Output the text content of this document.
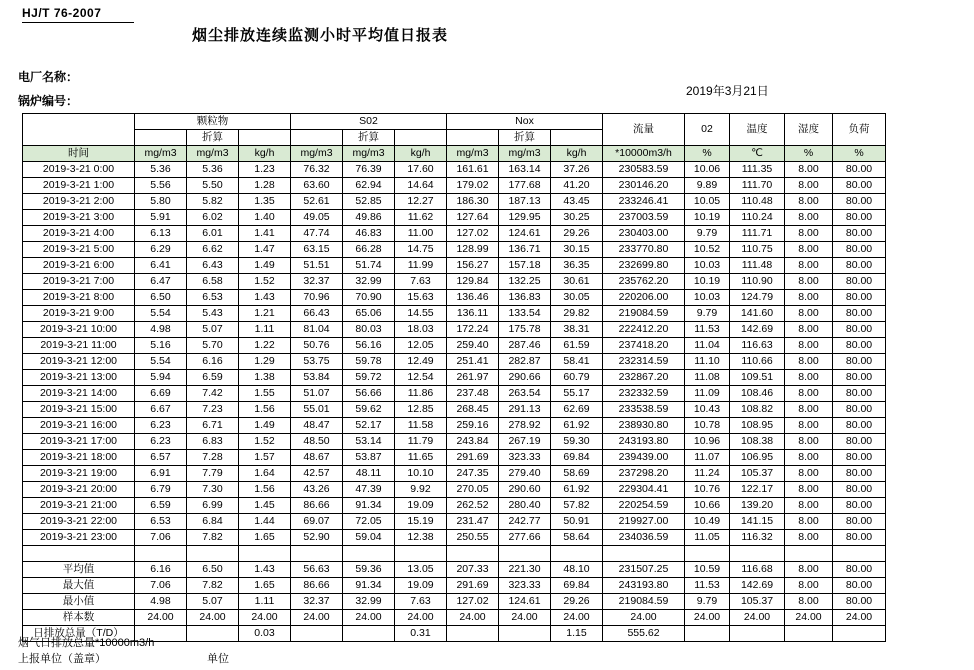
HJ/T 76-2007
烟尘排放连续监测小时平均值日报表
电厂名称：
锅炉编号：
2019年3月21日
	颗粒物			S02			Nox			流量	02	温度	湿度	负荷
		折算			折算			折算						
时间	mg/m3	mg/m3	kg/h	mg/m3	mg/m3	kg/h	mg/m3	mg/m3	kg/h	*10000m3/h	%	℃	%	%
2019-3-21 0:00	5.36	5.36	1.23	76.32	76.39	17.60	161.61	163.14	37.26	230583.59	10.06	111.35	8.00	80.00
2019-3-21 1:00	5.56	5.50	1.28	63.60	62.94	14.64	179.02	177.68	41.20	230146.20	9.89	111.70	8.00	80.00
2019-3-21 2:00	5.80	5.82	1.35	52.61	52.85	12.27	186.30	187.13	43.45	233246.41	10.05	110.48	8.00	80.00
2019-3-21 3:00	5.91	6.02	1.40	49.05	49.86	11.62	127.64	129.95	30.25	237003.59	10.19	110.24	8.00	80.00
2019-3-21 4:00	6.13	6.01	1.41	47.74	46.83	11.00	127.02	124.61	29.26	230403.00	9.79	111.71	8.00	80.00
2019-3-21 5:00	6.29	6.62	1.47	63.15	66.28	14.75	128.99	136.71	30.15	233770.80	10.52	110.75	8.00	80.00
2019-3-21 6:00	6.41	6.43	1.49	51.51	51.74	11.99	156.27	157.18	36.35	232699.80	10.03	111.48	8.00	80.00
2019-3-21 7:00	6.47	6.58	1.52	32.37	32.99	7.63	129.84	132.25	30.61	235762.20	10.19	110.90	8.00	80.00
2019-3-21 8:00	6.50	6.53	1.43	70.96	70.90	15.63	136.46	136.83	30.05	220206.00	10.03	124.79	8.00	80.00
2019-3-21 9:00	5.54	5.43	1.21	66.43	65.06	14.55	136.11	133.54	29.82	219084.59	9.79	141.60	8.00	80.00
2019-3-21 10:00	4.98	5.07	1.11	81.04	80.03	18.03	172.24	175.78	38.31	222412.20	11.53	142.69	8.00	80.00
2019-3-21 11:00	5.16	5.70	1.22	50.76	56.16	12.05	259.40	287.46	61.59	237418.20	11.04	116.63	8.00	80.00
2019-3-21 12:00	5.54	6.16	1.29	53.75	59.78	12.49	251.41	282.87	58.41	232314.59	11.10	110.66	8.00	80.00
2019-3-21 13:00	5.94	6.59	1.38	53.84	59.72	12.54	261.97	290.66	60.79	232867.20	11.08	109.51	8.00	80.00
2019-3-21 14:00	6.69	7.42	1.55	51.07	56.66	11.86	237.48	263.54	55.17	232332.59	11.09	108.46	8.00	80.00
2019-3-21 15:00	6.67	7.23	1.56	55.01	59.62	12.85	268.45	291.13	62.69	233538.59	10.43	108.82	8.00	80.00
2019-3-21 16:00	6.23	6.71	1.49	48.47	52.17	11.58	259.16	278.92	61.92	238930.80	10.78	108.95	8.00	80.00
2019-3-21 17:00	6.23	6.83	1.52	48.50	53.14	11.79	243.84	267.19	59.30	243193.80	10.96	108.38	8.00	80.00
2019-3-21 18:00	6.57	7.28	1.57	48.67	53.87	11.65	291.69	323.33	69.84	239439.00	11.07	106.95	8.00	80.00
2019-3-21 19:00	6.91	7.79	1.64	42.57	48.11	10.10	247.35	279.40	58.69	237298.20	11.24	105.37	8.00	80.00
2019-3-21 20:00	6.79	7.30	1.56	43.26	47.39	9.92	270.05	290.60	61.92	229304.41	10.76	122.17	8.00	80.00
2019-3-21 21:00	6.59	6.99	1.45	86.66	91.34	19.09	262.52	280.40	57.82	220254.59	10.66	139.20	8.00	80.00
2019-3-21 22:00	6.53	6.84	1.44	69.07	72.05	15.19	231.47	242.77	50.91	219927.00	10.49	141.15	8.00	80.00
2019-3-21 23:00	7.06	7.82	1.65	52.90	59.04	12.38	250.55	277.66	58.64	234036.59	11.05	116.32	8.00	80.00

平均值	6.16	6.50	1.43	56.63	59.36	13.05	207.33	221.30	48.10	231507.25	10.59	116.68	8.00	80.00
最大值	7.06	7.82	1.65	86.66	91.34	19.09	291.69	323.33	69.84	243193.80	11.53	142.69	8.00	80.00
最小值	4.98	5.07	1.11	32.37	32.99	7.63	127.02	124.61	29.26	219084.59	9.79	105.37	8.00	80.00
样本数	24.00	24.00	24.00	24.00	24.00	24.00	24.00	24.00	24.00	24.00	24.00	24.00	24.00	24.00
日排放总量（T/D）			0.03			0.31			1.15	555.62				
烟气日排放总量*10000m3/h
上报单位（盖章）	单位
